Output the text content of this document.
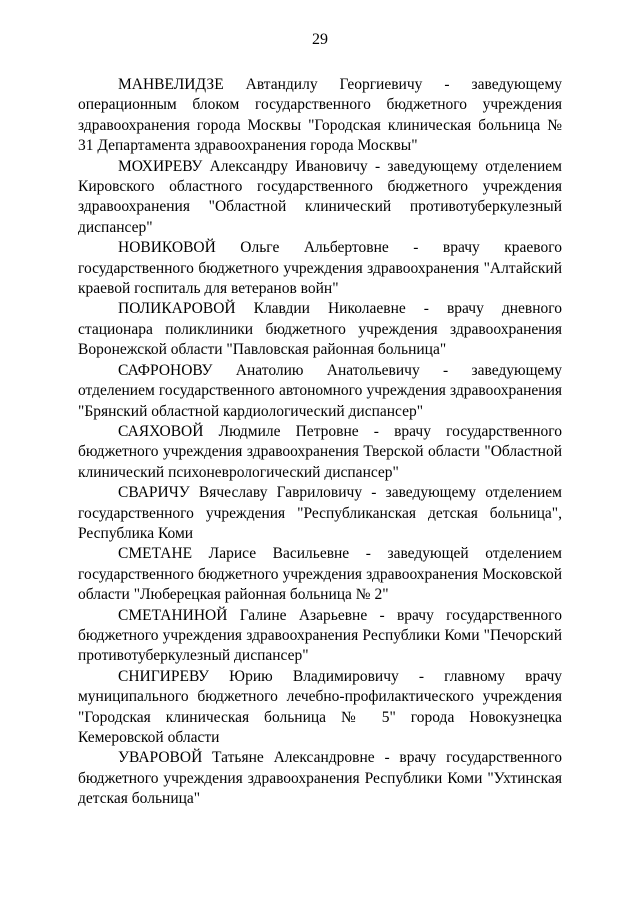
29

МАНВЕЛИДЗЕ Автандилу Георгиевичу - заведующему операционным блоком государственного бюджетного учреждения здравоохранения города Москвы "Городская клиническая больница № 31 Департамента здравоохранения города Москвы"

МОХИРЕВУ Александру Ивановичу - заведующему отделением Кировского областного государственного бюджетного учреждения здравоохранения "Областной клинический противотуберкулезный диспансер"

НОВИКОВОЙ Ольге Альбертовне - врачу краевого государственного бюджетного учреждения здравоохранения "Алтайский краевой госпиталь для ветеранов войн"

ПОЛИКАРОВОЙ Клавдии Николаевне - врачу дневного стационара поликлиники бюджетного учреждения здравоохранения Воронежской области "Павловская районная больница"

САФРОНОВУ Анатолию Анатольевичу - заведующему отделением государственного автономного учреждения здравоохранения "Брянский областной кардиологический диспансер"

САЯХОВОЙ Людмиле Петровне - врачу государственного бюджетного учреждения здравоохранения Тверской области "Областной клинический психоневрологический диспансер"

СВАРИЧУ Вячеславу Гавриловичу - заведующему отделением государственного учреждения "Республиканская детская больница", Республика Коми

СМЕТАНЕ Ларисе Васильевне - заведующей отделением государственного бюджетного учреждения здравоохранения Московской области "Люберецкая районная больница № 2"

СМЕТАНИНОЙ Галине Азарьевне - врачу государственного бюджетного учреждения здравоохранения Республики Коми "Печорский противотуберкулезный диспансер"

СНИГИРЕВУ Юрию Владимировичу - главному врачу муниципального бюджетного лечебно-профилактического учреждения "Городская клиническая больница № 5" города Новокузнецка Кемеровской области

УВАРОВОЙ Татьяне Александровне - врачу государственного бюджетного учреждения здравоохранения Республики Коми "Ухтинская детская больница"
